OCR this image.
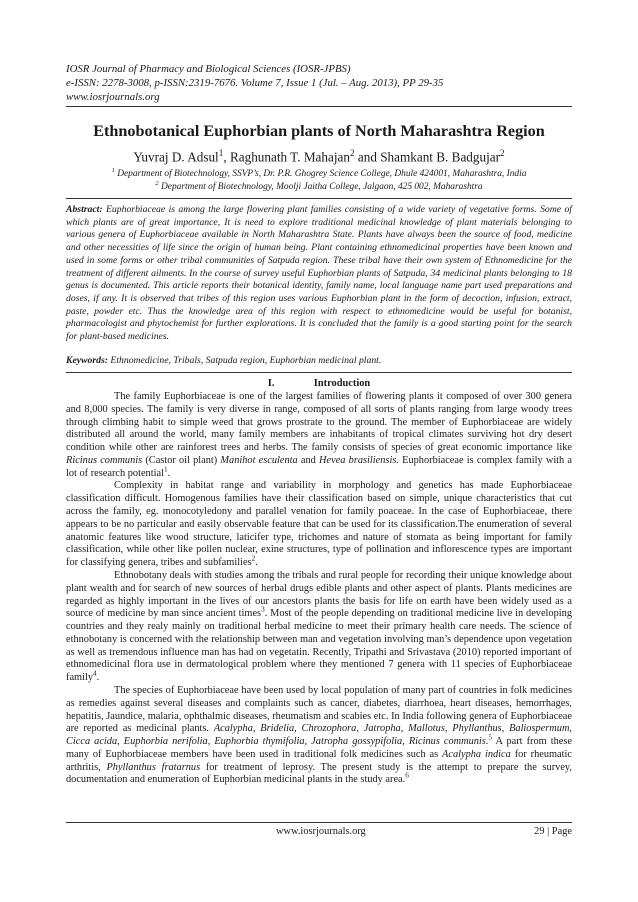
IOSR Journal of Pharmacy and Biological Sciences (IOSR-JPBS)
e-ISSN: 2278-3008, p-ISSN:2319-7676. Volume 7, Issue 1 (Jul. – Aug. 2013), PP 29-35
www.iosrjournals.org
Ethnobotanical Euphorbian plants of North Maharashtra Region
Yuvraj D. Adsul$^1$, Raghunath T. Mahajan$^2$ and Shamkant B. Badgujar$^2$
$^1$ Department of Biotechnology, SSVP’s, Dr. P.R. Ghogrey Science College, Dhule 424001, Maharashtra, India
$^2$ Department of Biotechnology, Moolji Jaitha College, Jalgaon, 425 002, Maharashtra
Abstract: Euphorbiaceae is among the large flowering plant families consisting of a wide variety of vegetative forms. Some of which plants are of great importance, It is need to explore traditional medicinal knowledge of plant materials belonging to various genera of Euphorbiaceae available in North Maharashtra State. Plants have always been the source of food, medicine and other necessities of life since the origin of human being. Plant containing ethnomedicinal properties have been known and used in some forms or other tribal communities of Satpuda region. These tribal have their own system of Ethnomedicine for the treatment of different ailments. In the course of survey useful Euphorbian plants of Satpuda, 34 medicinal plants belonging to 18 genus is documented. This article reports their botanical identity, family name, local language name part used preparations and doses, if any. It is observed that tribes of this region uses various Euphorbian plant in the form of decoction, infusion, extract, paste, powder etc. Thus the knowledge area of this region with respect to ethnomedicine would be useful for botanist, pharmacologist and phytochemist for further explorations. It is concluded that the family is a good starting point for the search for plant-based medicines.
Keywords: Ethnomedicine, Tribals, Satpuda region, Euphorbian medicinal plant.
I.	Introduction

The family Euphorbiaceae is one of the largest families of flowering plants it composed of over 300 genera and 8,000 species. The family is very diverse in range, composed of all sorts of plants ranging from large woody trees through climbing habit to simple weed that grows prostrate to the ground. The member of Euphorbiaceae are widely distributed all around the world, many family members are inhabitants of tropical climates surviving hot dry desert condition while other are rainforest trees and herbs. The family consists of species of great economic importance like Ricinus communis (Castor oil plant) Manihot esculenta and Hevea brasiliensis. Euphorbiaceae is complex family with a lot of research potential$^1$.

Complexity in habitat range and variability in morphology and genetics has made Euphorbiaceae classification difficult. Homogenous families have their classification based on simple, unique characteristics that cut across the family, eg. monocotyledony and parallel venation for family poaceae. In the case of Euphorbiaceae, there appears to be no particular and easily observable feature that can be used for its classification.The enumeration of several anatomic features like wood structure, laticifer type, trichomes and nature of stomata as being important for family classification, while other like pollen nuclear, exine structures, type of pollination and inflorescence types are important for classifying genera, tribes and subfamilies$^2$.

Ethnobotany deals with studies among the tribals and rural people for recording their unique knowledge about plant wealth and for search of new sources of herbal drugs edible plants and other aspect of plants. Plants medicines are regarded as highly important in the lives of our ancestors plants the basis for life on earth have been widely used as a source of medicine by man since ancient times$^3$. Most of the people depending on traditional medicine live in developing countries and they realy mainly on traditional herbal medicine to meet their primary health care needs. The science of ethnobotany is concerned with the relationship between man and vegetation involving man’s dependence upon vegetation as well as tremendous influence man has had on vegetatin. Recently, Tripathi and Srivastava (2010) reported important of ethnomedicinal flora use in dermatological problem where they mentioned 7 genera with 11 species of Euphorbiaceae family$^4$.

The species of Euphorbiaceae have been used by local population of many part of countries in folk medicines as remedies against several diseases and complaints such as cancer, diabetes, diarrhoea, heart diseases, hemorrhages, hepatitis, Jaundice, malaria, ophthalmic diseases, rheumatism and scabies etc. In India following genera of Euphorbiaceae are reported as medicinal plants. Acalypha, Bridelia, Chrozophora, Jatropha, Mallotus, Phyllanthus, Baliospermum, Cicca acida, Euphorbia nerifolia, Euphorbia thymifolia, Jatropha gossypifolia, Ricinus communis.$^5$ A part from these many of Euphorbiaceae members have been used in traditional folk medicines such as Acalypha indica for rheumatic arthritis, Phyllanthus fratarnus for treatment of leprosy. The present study is the attempt to prepare the survey, documentation and enumeration of Euphorbian medicinal plants in the study area.$^6$

www.iosrjournals.org	29 | Page
